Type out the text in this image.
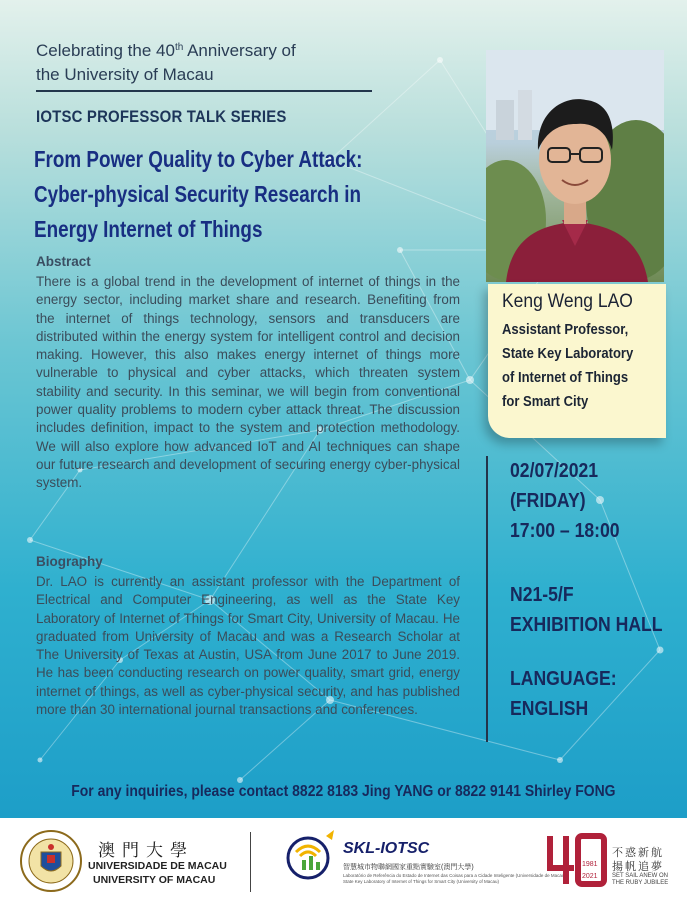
Celebrating the 40th Anniversary of
the University of Macau
IOTSC PROFESSOR TALK SERIES
From Power Quality to Cyber Attack:
Cyber-physical Security Research in
Energy Internet of Things
Abstract
There is a global trend in the development of internet of things in the energy sector, including market share and research. Benefiting from the internet of things technology, sensors and transducers are distributed within the energy system for intelligent control and decision making. However, this also makes energy internet of things more vulnerable to physical and cyber attacks, which threaten system stability and security. In this seminar, we will begin from conventional power quality problems to modern cyber attack threat. The discussion includes definition, impact to the system and protection methodology. We will also explore how advanced IoT and AI techniques can shape our future research and development of securing energy cyber-physical system.
Biography
Dr. LAO is currently an assistant professor with the Department of Electrical and Computer Engineering, as well as the State Key Laboratory of Internet of Things for Smart City, University of Macau. He graduated from University of Macau and was a Research Scholar at The University of Texas at Austin, USA from June 2017 to June 2019. He has been conducting research on power quality, smart grid, energy internet of things, as well as cyber-physical security, and has published more than 30 international journal transactions and conferences.
Keng Weng LAO
Assistant Professor,
State Key Laboratory
of Internet of Things
for Smart City
02/07/2021
(FRIDAY)
17:00 – 18:00
N21-5/F
EXHIBITION HALL
LANGUAGE:
ENGLISH
For any inquiries, please contact 8822 8183 Jing YANG or 8822 9141 Shirley FONG
澳門大學
UNIVERSIDADE DE MACAU
UNIVERSITY OF MACAU
SKL-IOTSC
智慧城市物聯網國家重點實驗室(澳門大學)
Laboratório de Referência do Estado de Internet das Coisas para a Cidade Inteligente (Universidade de Macau)
State Key Laboratory of Internet of Things for Smart City (University of Macau)
1981
2021
不惑新航
揚帆追夢
SET SAIL ANEW ON
THE RUBY JUBILEE
